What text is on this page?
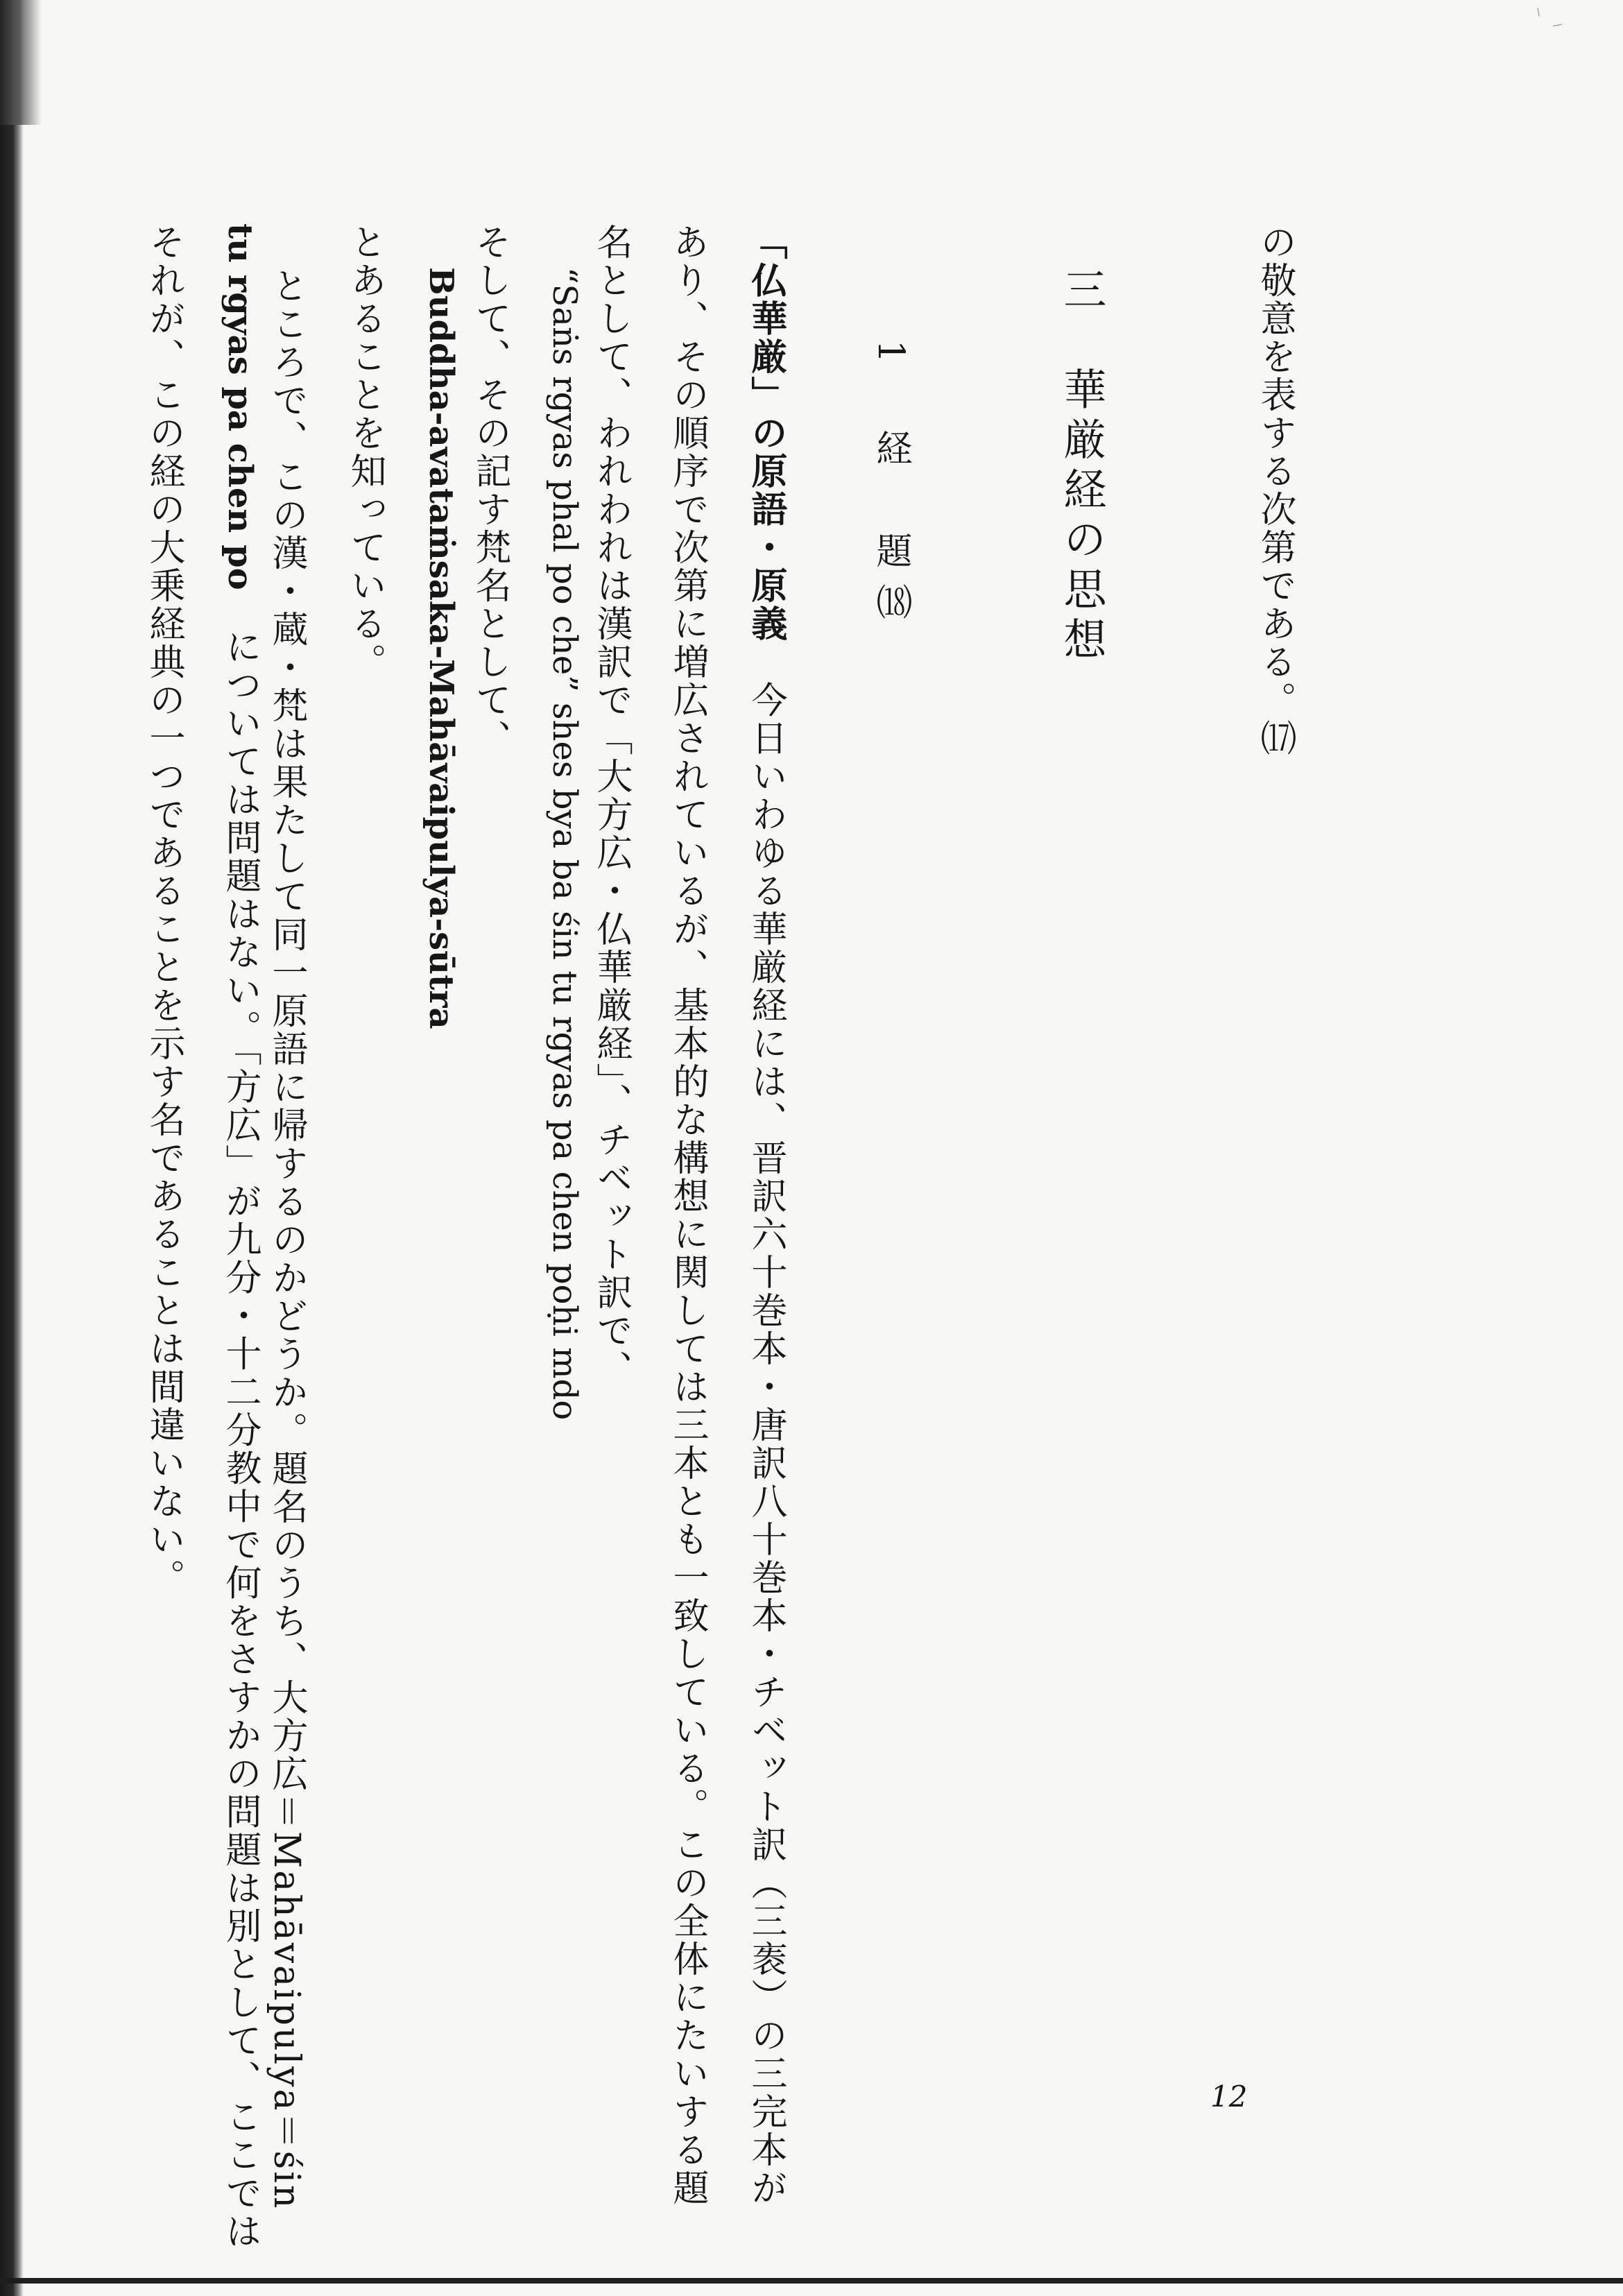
⸌ ⸍
の敬意を表する次第である。⒄
三　華厳経の思想
1　経　題⒅
「仏華厳」の原語・原義　今日いわゆる華厳経には、晋訳六十巻本・唐訳八十巻本・チベット訳（三袠）の三完本が
あり、その順序で次第に増広されているが、基本的な構想に関しては三本とも一致している。この全体にたいする題
名として、われわれは漢訳で「大方広・仏華厳経」、チベット訳で、
“Saṅs rgyas phal po che” shes bya ba śin tu rgyas pa chen poḥi mdo
そして、その記す梵名として、
Buddha-avataṁsaka-Mahāvaipulya-sūtra
とあることを知っている。
ところで、この漢・蔵・梵は果たして同一原語に帰するのかどうか。題名のうち、大方広＝Mahāvaipulya＝śin
tu rgyas pa chen po　については問題はない。「方広」が九分・十二分教中で何をさすかの問題は別として、ここでは
それが、この経の大乗経典の一つであることを示す名であることは間違いない。
12
